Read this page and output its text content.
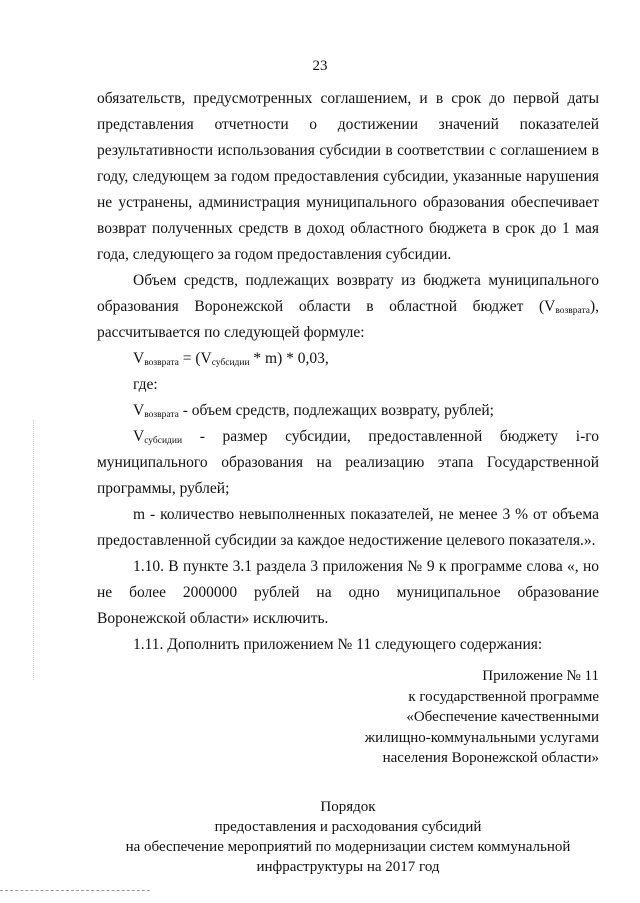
23

обязательств, предусмотренных соглашением, и в срок до первой даты представления отчетности о достижении значений показателей результативности использования субсидии в соответствии с соглашением в году, следующем за годом предоставления субсидии, указанные нарушения не устранены, администрация муниципального образования обеспечивает возврат полученных средств в доход областного бюджета в срок до 1 мая года, следующего за годом предоставления субсидии.

Объем средств, подлежащих возврату из бюджета муниципального образования Воронежской области в областной бюджет $(V_{возврата})$, рассчитывается по следующей формуле:

$V_{возврата} = (V_{субсидии} * m) * 0,03$,

где:

$V_{возврата}$ - объем средств, подлежащих возврату, рублей;

$V_{субсидии}$ - размер субсидии, предоставленной бюджету i-го муниципального образования на реализацию этапа Государственной программы, рублей;

m - количество невыполненных показателей, не менее 3 % от объема предоставленной субсидии за каждое недостижение целевого показателя.».

1.10. В пункте 3.1 раздела 3 приложения № 9 к программе слова «, но не более 2000000 рублей на одно муниципальное образование Воронежской области» исключить.

1.11. Дополнить приложением № 11 следующего содержания:

Приложение № 11
к государственной программе
«Обеспечение качественными
жилищно-коммунальными услугами
населения Воронежской области»
Порядок
предоставления и расходования субсидий
на обеспечение мероприятий по модернизации систем коммунальной
инфраструктуры на 2017 год
